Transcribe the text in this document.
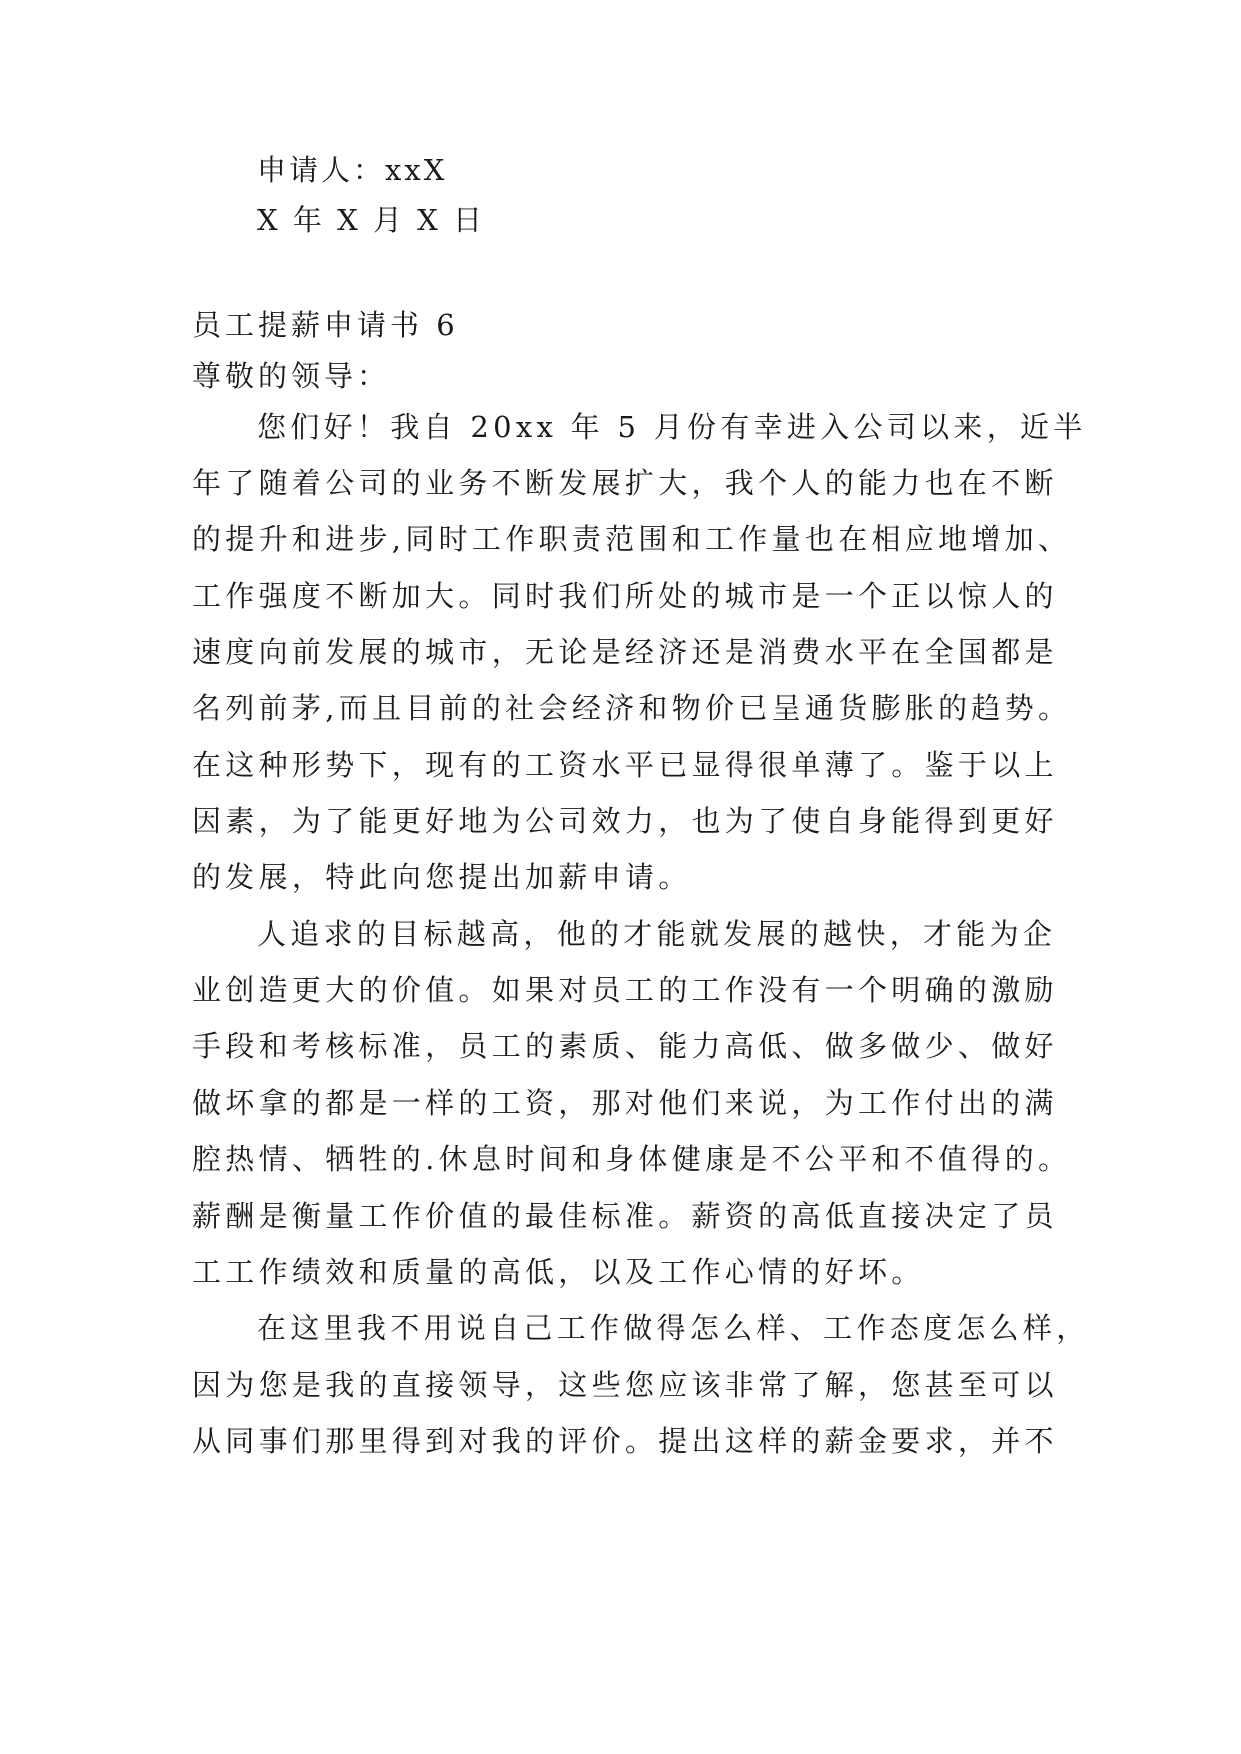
申请人：xxX
X 年 X 月 X 日
员工提薪申请书 6
尊敬的领导：
您们好！我自 20xx 年 5 月份有幸进入公司以来，近半
年了随着公司的业务不断发展扩大，我个人的能力也在不断
的提升和进步,同时工作职责范围和工作量也在相应地增加、
工作强度不断加大。同时我们所处的城市是一个正以惊人的
速度向前发展的城市，无论是经济还是消费水平在全国都是
名列前茅,而且目前的社会经济和物价已呈通货膨胀的趋势。
在这种形势下，现有的工资水平已显得很单薄了。鉴于以上
因素，为了能更好地为公司效力，也为了使自身能得到更好
的发展，特此向您提出加薪申请。
人追求的目标越高，他的才能就发展的越快，才能为企
业创造更大的价值。如果对员工的工作没有一个明确的激励
手段和考核标准，员工的素质、能力高低、做多做少、做好
做坏拿的都是一样的工资，那对他们来说，为工作付出的满
腔热情、牺牲的.休息时间和身体健康是不公平和不值得的。
薪酬是衡量工作价值的最佳标准。薪资的高低直接决定了员
工工作绩效和质量的高低，以及工作心情的好坏。
在这里我不用说自己工作做得怎么样、工作态度怎么样，
因为您是我的直接领导，这些您应该非常了解，您甚至可以
从同事们那里得到对我的评价。提出这样的薪金要求，并不
